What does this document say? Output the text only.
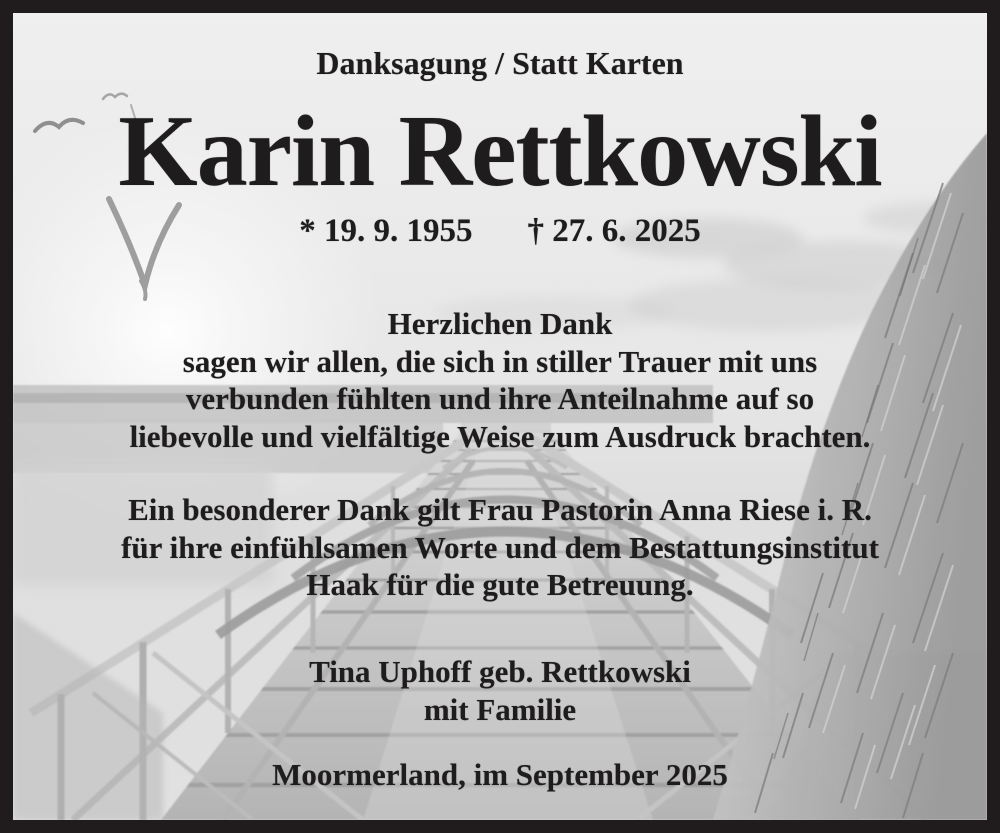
Danksagung / Statt Karten
Karin Rettkowski
* 19. 9. 1955 † 27. 6. 2025
Herzlichen Dank
sagen wir allen, die sich in stiller Trauer mit uns
verbunden fühlten und ihre Anteilnahme auf so
liebevolle und vielfältige Weise zum Ausdruck brachten.
Ein besonderer Dank gilt Frau Pastorin Anna Riese i. R.
für ihre einfühlsamen Worte und dem Bestattungsinstitut
Haak für die gute Betreuung.
Tina Uphoff geb. Rettkowski
mit Familie
Moormerland, im September 2025
